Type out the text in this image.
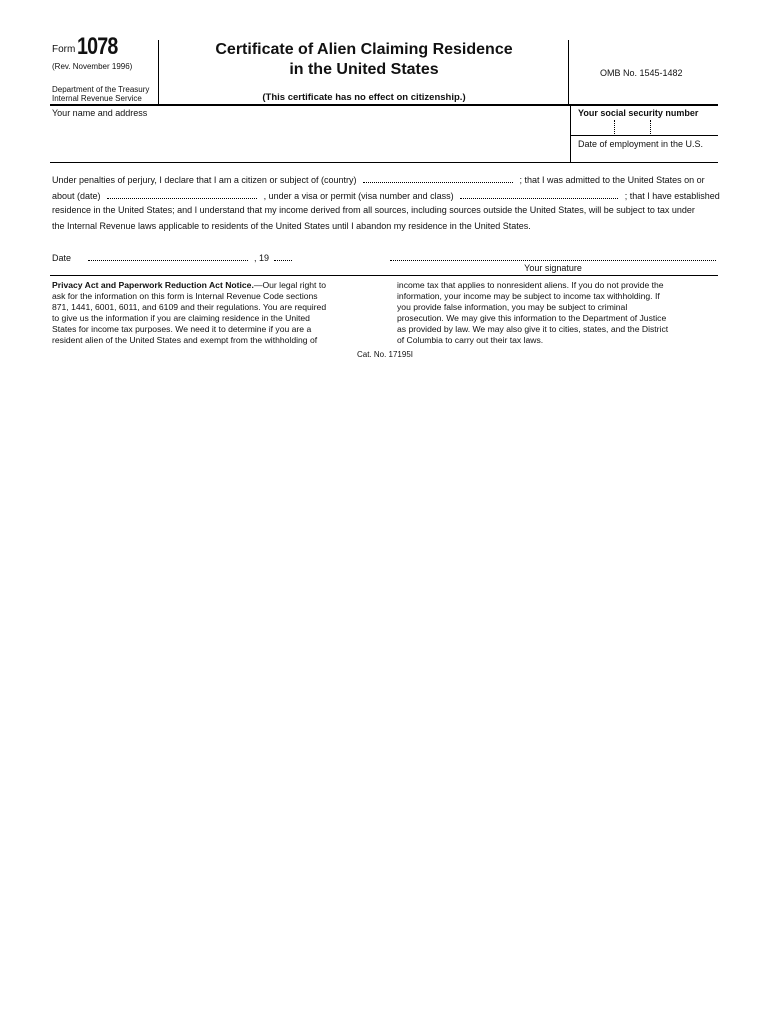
Form 1078
(Rev. November 1996)
Department of the Treasury
Internal Revenue Service
Certificate of Alien Claiming Residence
in the United States
(This certificate has no effect on citizenship.)
OMB No. 1545-1482
Your name and address	Your social security number
Date of employment in the U.S.
Under penalties of perjury, I declare that I am a citizen or subject of (country)	; that I was admitted to the United States on or
about (date)	, under a visa or permit (visa number and class)	; that I have established
residence in the United States; and I understand that my income derived from all sources, including sources outside the United States, will be subject to tax under
the Internal Revenue laws applicable to residents of the United States until I abandon my residence in the United States.
Date	, 19
Your signature
Privacy Act and Paperwork Reduction Act Notice.—Our legal right to
ask for the information on this form is Internal Revenue Code sections
871, 1441, 6001, 6011, and 6109 and their regulations. You are required
to give us the information if you are claiming residence in the United
States for income tax purposes. We need it to determine if you are a
resident alien of the United States and exempt from the withholding of
income tax that applies to nonresident aliens. If you do not provide the
information, your income may be subject to income tax withholding. If
you provide false information, you may be subject to criminal
prosecution. We may give this information to the Department of Justice
as provided by law. We may also give it to cities, states, and the District
of Columbia to carry out their tax laws.
Cat. No. 17195I
